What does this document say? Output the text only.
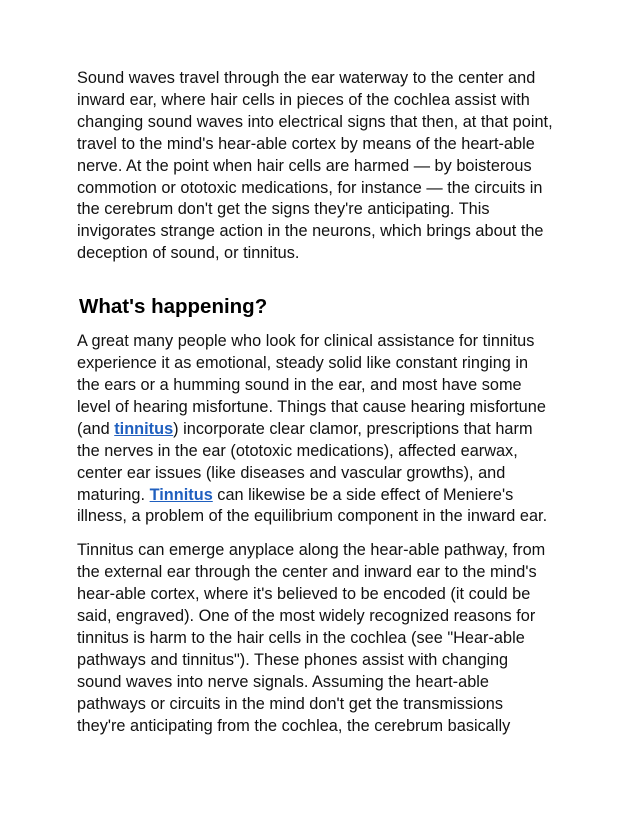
Sound waves travel through the ear waterway to the center and
inward ear, where hair cells in pieces of the cochlea assist with
changing sound waves into electrical signs that then, at that point,
travel to the mind's hear-able cortex by means of the heart-able
nerve. At the point when hair cells are harmed — by boisterous
commotion or ototoxic medications, for instance — the circuits in
the cerebrum don't get the signs they're anticipating. This
invigorates strange action in the neurons, which brings about the
deception of sound, or tinnitus.

What's happening?

A great many people who look for clinical assistance for tinnitus
experience it as emotional, steady solid like constant ringing in
the ears or a humming sound in the ear, and most have some
level of hearing misfortune. Things that cause hearing misfortune
(and tinnitus) incorporate clear clamor, prescriptions that harm
the nerves in the ear (ototoxic medications), affected earwax,
center ear issues (like diseases and vascular growths), and
maturing. Tinnitus can likewise be a side effect of Meniere's
illness, a problem of the equilibrium component in the inward ear.

Tinnitus can emerge anyplace along the hear-able pathway, from
the external ear through the center and inward ear to the mind's
hear-able cortex, where it's believed to be encoded (it could be
said, engraved). One of the most widely recognized reasons for
tinnitus is harm to the hair cells in the cochlea (see "Hear-able
pathways and tinnitus"). These phones assist with changing
sound waves into nerve signals. Assuming the heart-able
pathways or circuits in the mind don't get the transmissions
they're anticipating from the cochlea, the cerebrum basically
